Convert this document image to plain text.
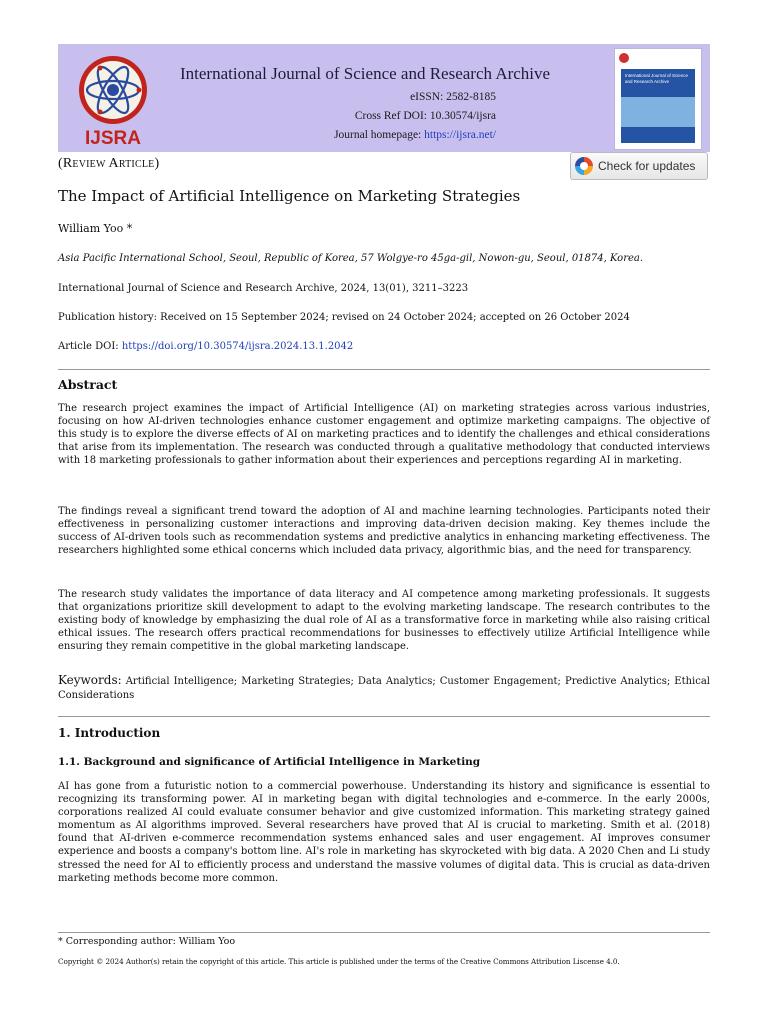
IJSRA
International Journal of Science and Research Archive
eISSN: 2582-8185
Cross Ref DOI: 10.30574/ijsra
Journal homepage: https://ijsra.net/
International Journal of Science and Research Archive
(Review Article)	Check for updates
The Impact of Artificial Intelligence on Marketing Strategies
William Yoo *
Asia Pacific International School, Seoul, Republic of Korea, 57 Wolgye-ro 45ga-gil, Nowon-gu, Seoul, 01874, Korea.
International Journal of Science and Research Archive, 2024, 13(01), 3211–3223
Publication history: Received on 15 September 2024; revised on 24 October 2024; accepted on 26 October 2024
Article DOI: https://doi.org/10.30574/ijsra.2024.13.1.2042
Abstract
The research project examines the impact of Artificial Intelligence (AI) on marketing strategies across various industries, focusing on how AI-driven technologies enhance customer engagement and optimize marketing campaigns. The objective of this study is to explore the diverse effects of AI on marketing practices and to identify the challenges and ethical considerations that arise from its implementation. The research was conducted through a qualitative methodology that conducted interviews with 18 marketing professionals to gather information about their experiences and perceptions regarding AI in marketing.
The findings reveal a significant trend toward the adoption of AI and machine learning technologies. Participants noted their effectiveness in personalizing customer interactions and improving data-driven decision making. Key themes include the success of AI-driven tools such as recommendation systems and predictive analytics in enhancing marketing effectiveness. The researchers highlighted some ethical concerns which included data privacy, algorithmic bias, and the need for transparency.
The research study validates the importance of data literacy and AI competence among marketing professionals. It suggests that organizations prioritize skill development to adapt to the evolving marketing landscape. The research contributes to the existing body of knowledge by emphasizing the dual role of AI as a transformative force in marketing while also raising critical ethical issues. The research offers practical recommendations for businesses to effectively utilize Artificial Intelligence while ensuring they remain competitive in the global marketing landscape.
Keywords: Artificial Intelligence; Marketing Strategies; Data Analytics; Customer Engagement; Predictive Analytics; Ethical Considerations
1. Introduction
1.1. Background and significance of Artificial Intelligence in Marketing
AI has gone from a futuristic notion to a commercial powerhouse. Understanding its history and significance is essential to recognizing its transforming power. AI in marketing began with digital technologies and e-commerce. In the early 2000s, corporations realized AI could evaluate consumer behavior and give customized information. This marketing strategy gained momentum as AI algorithms improved. Several researchers have proved that AI is crucial to marketing. Smith et al. (2018) found that AI-driven e-commerce recommendation systems enhanced sales and user engagement. AI improves consumer experience and boosts a company's bottom line. AI's role in marketing has skyrocketed with big data. A 2020 Chen and Li study stressed the need for AI to efficiently process and understand the massive volumes of digital data. This is crucial as data-driven marketing methods become more common.
* Corresponding author: William Yoo
Copyright © 2024 Author(s) retain the copyright of this article. This article is published under the terms of the Creative Commons Attribution Liscense 4.0.
